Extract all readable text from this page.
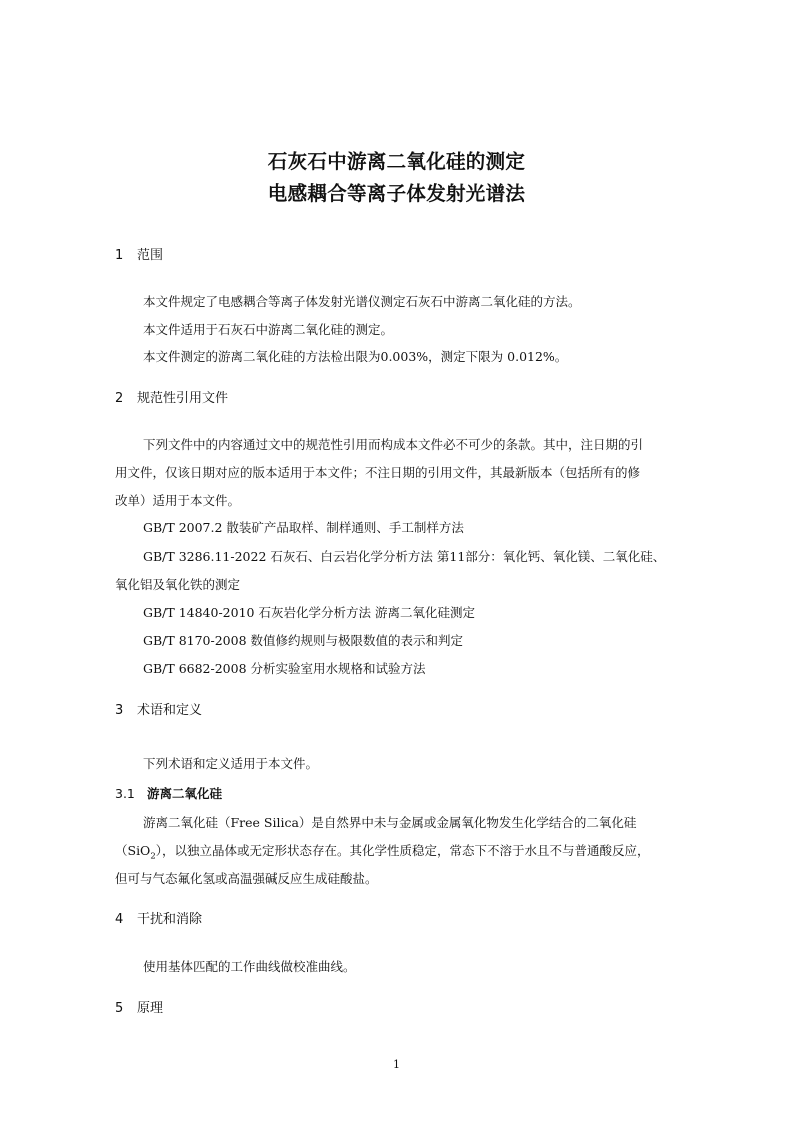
石灰石中游离二氧化硅的测定
电感耦合等离子体发射光谱法
1 范围
本文件规定了电感耦合等离子体发射光谱仪测定石灰石中游离二氧化硅的方法。
本文件适用于石灰石中游离二氧化硅的测定。
本文件测定的游离二氧化硅的方法检出限为0.003%，测定下限为 0.012%。
2 规范性引用文件
下列文件中的内容通过文中的规范性引用而构成本文件必不可少的条款。其中，注日期的引
用文件，仅该日期对应的版本适用于本文件；不注日期的引用文件，其最新版本（包括所有的修
改单）适用于本文件。
GB/T 2007.2 散装矿产品取样、制样通则、手工制样方法
GB/T 3286.11-2022 石灰石、白云岩化学分析方法 第11部分：氧化钙、氧化镁、二氧化硅、
氧化铝及氧化铁的测定
GB/T 14840-2010 石灰岩化学分析方法 游离二氧化硅测定
GB/T 8170-2008 数值修约规则与极限数值的表示和判定
GB/T 6682-2008 分析实验室用水规格和试验方法
3 术语和定义
下列术语和定义适用于本文件。
3.1 游离二氧化硅
游离二氧化硅（Free Silica）是自然界中未与金属或金属氧化物发生化学结合的二氧化硅
（SiO$_2$），以独立晶体或无定形状态存在。其化学性质稳定，常态下不溶于水且不与普通酸反应，
但可与气态氟化氢或高温强碱反应生成硅酸盐。
4 干扰和消除
使用基体匹配的工作曲线做校准曲线。
5 原理
1
